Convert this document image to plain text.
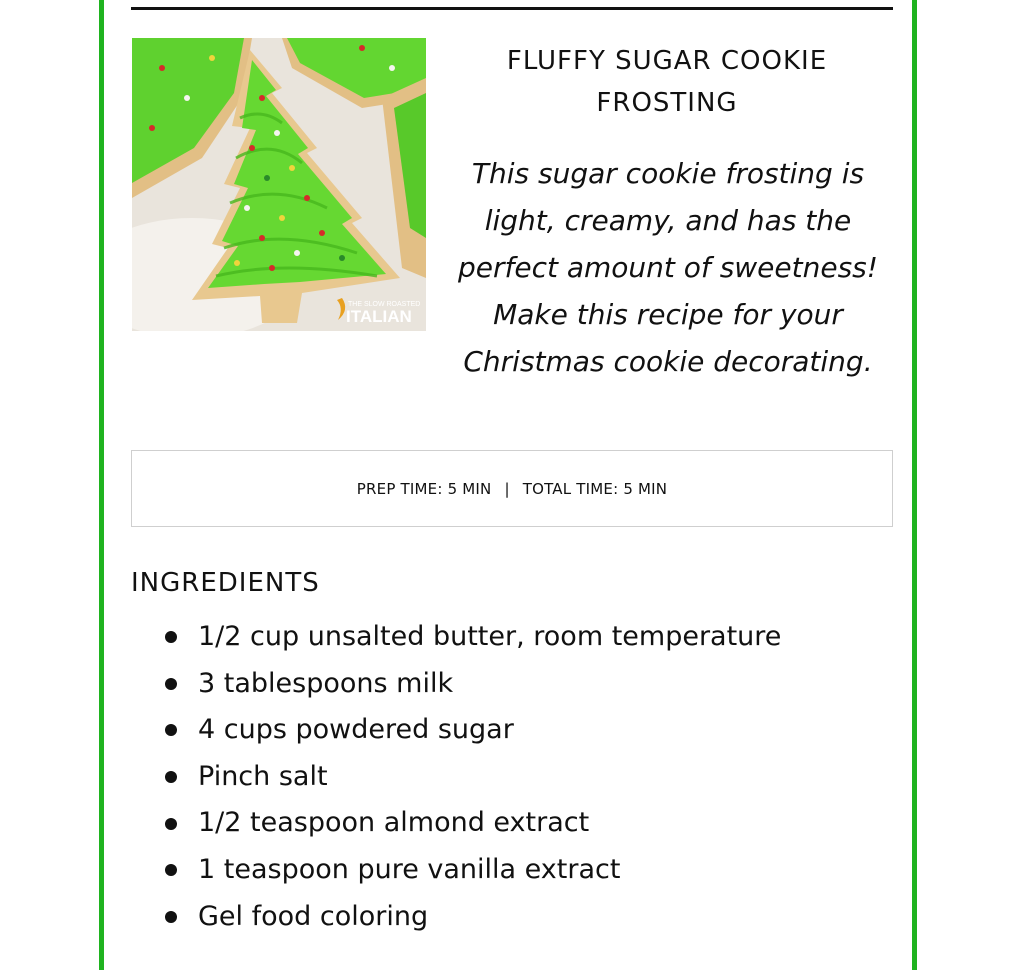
THE SLOW ROASTED
ITALIAN
FLUFFY SUGAR COOKIE
FROSTING
This sugar cookie frosting is light, creamy, and has the perfect amount of sweetness! Make this recipe for your Christmas cookie decorating.
PREP TIME: 5 MIN | TOTAL TIME: 5 MIN
INGREDIENTS
1/2 cup unsalted butter, room temperature
3 tablespoons milk
4 cups powdered sugar
Pinch salt
1/2 teaspoon almond extract
1 teaspoon pure vanilla extract
Gel food coloring
